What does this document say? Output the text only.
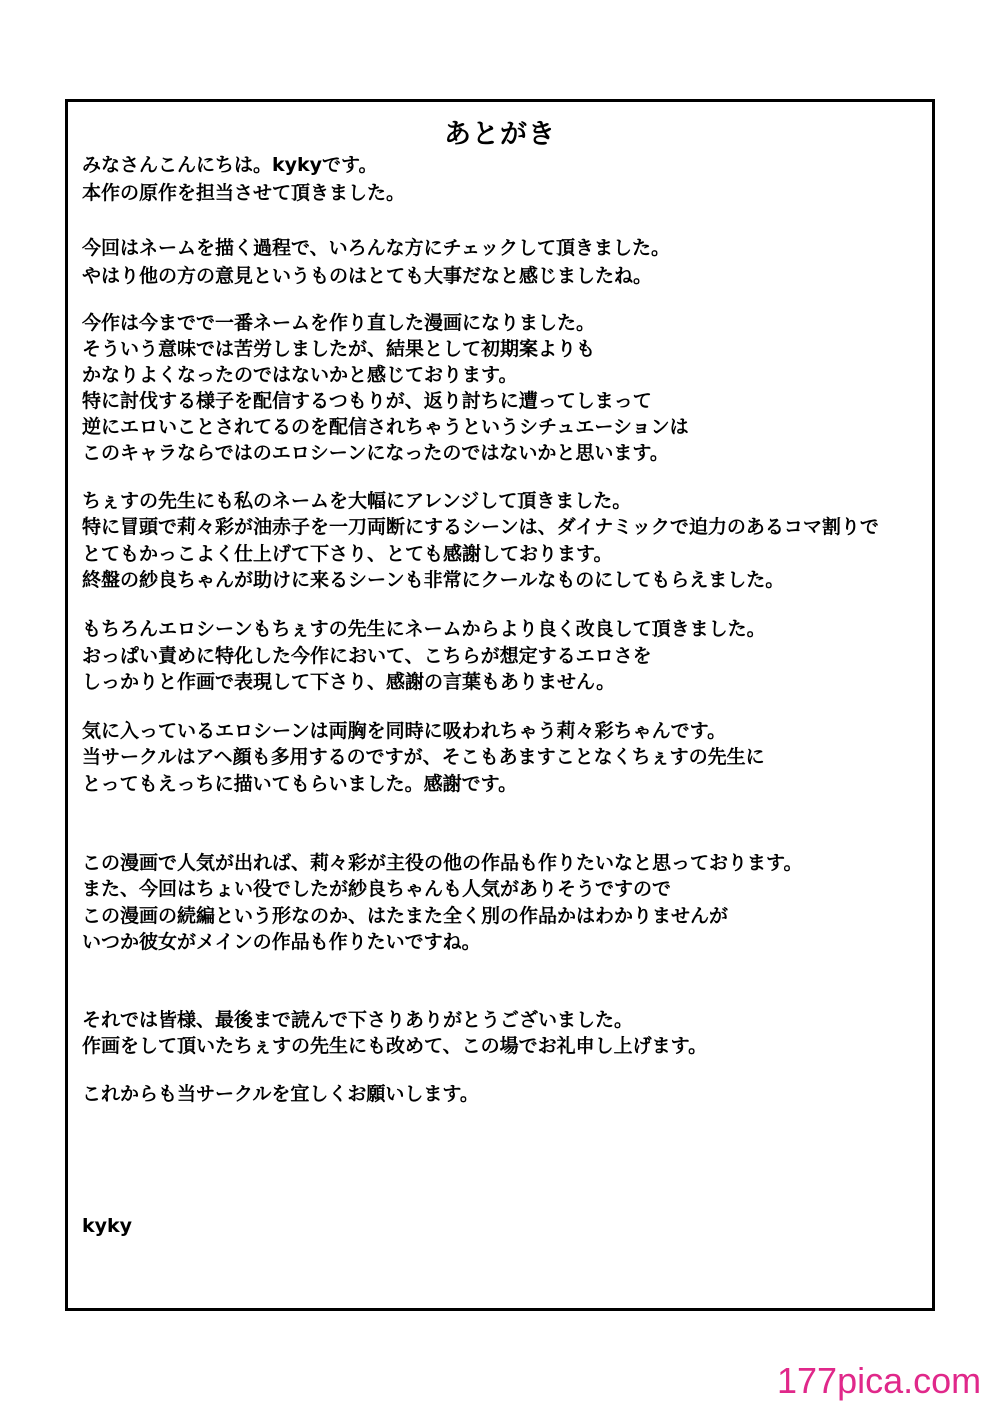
あとがき
みなさんこんにちは。kykyです。
本作の原作を担当させて頂きました。
今回はネームを描く過程で、いろんな方にチェックして頂きました。
やはり他の方の意見というものはとても大事だなと感じましたね。
今作は今までで一番ネームを作り直した漫画になりました。
そういう意味では苦労しましたが、結果として初期案よりも
かなりよくなったのではないかと感じております。
特に討伐する様子を配信するつもりが、返り討ちに遭ってしまって
逆にエロいことされてるのを配信されちゃうというシチュエーションは
このキャラならではのエロシーンになったのではないかと思います。
ちぇすの先生にも私のネームを大幅にアレンジして頂きました。
特に冒頭で莉々彩が油赤子を一刀両断にするシーンは、ダイナミックで迫力のあるコマ割りで
とてもかっこよく仕上げて下さり、とても感謝しております。
終盤の紗良ちゃんが助けに来るシーンも非常にクールなものにしてもらえました。
もちろんエロシーンもちぇすの先生にネームからより良く改良して頂きました。
おっぱい責めに特化した今作において、こちらが想定するエロさを
しっかりと作画で表現して下さり、感謝の言葉もありません。
気に入っているエロシーンは両胸を同時に吸われちゃう莉々彩ちゃんです。
当サークルはアヘ顔も多用するのですが、そこもあますことなくちぇすの先生に
とってもえっちに描いてもらいました。感謝です。
この漫画で人気が出れば、莉々彩が主役の他の作品も作りたいなと思っております。
また、今回はちょい役でしたが紗良ちゃんも人気がありそうですので
この漫画の続編という形なのか、はたまた全く別の作品かはわかりませんが
いつか彼女がメインの作品も作りたいですね。
それでは皆様、最後まで読んで下さりありがとうございました。
作画をして頂いたちぇすの先生にも改めて、この場でお礼申し上げます。
これからも当サークルを宜しくお願いします。
kyky
177pica.com
